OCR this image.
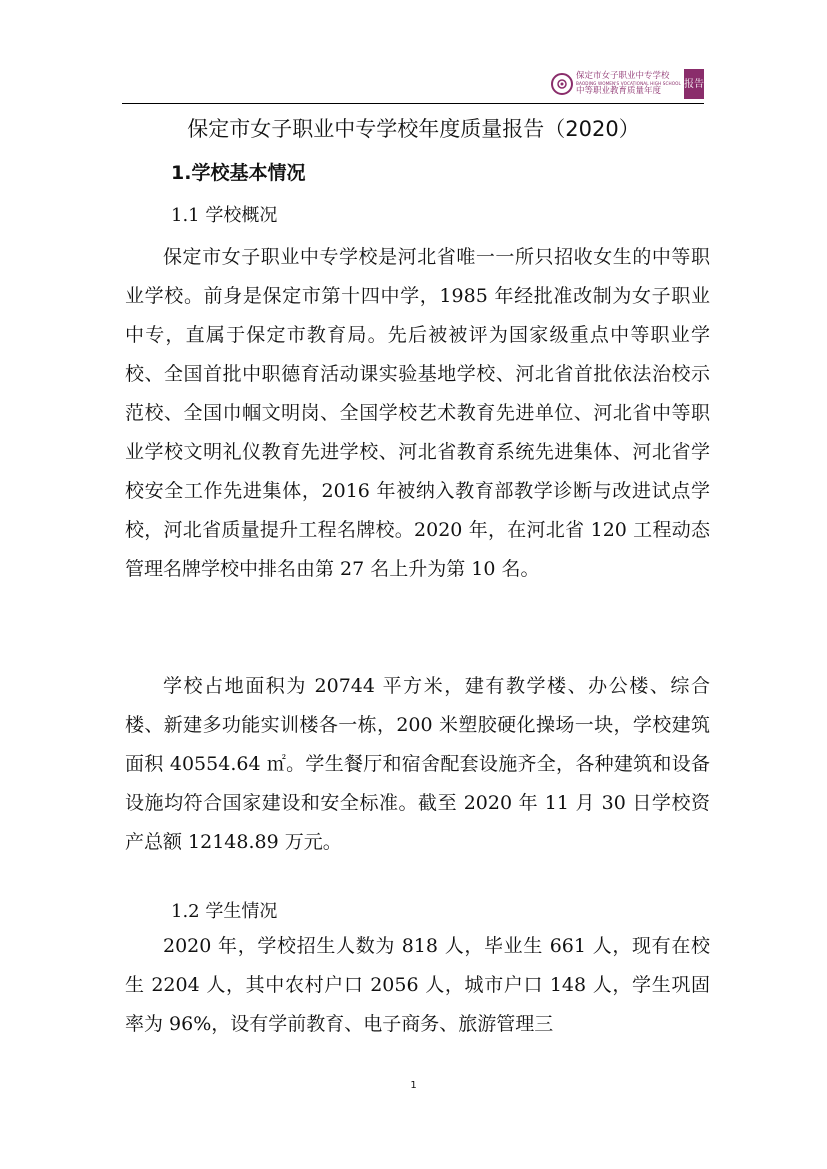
保定市女子职业中专学校
BAODING WOMEN'S VOCATIONAL HIGH SCHOOL
中等职业教育质量年度
报告
保定市女子职业中专学校年度质量报告（2020）
1.学校基本情况
1.1 学校概况

保定市女子职业中专学校是河北省唯一一所只招收女生的中等职业学校。前身是保定市第十四中学，1985 年经批准改制为女子职业中专，直属于保定市教育局。先后被被评为国家级重点中等职业学校、全国首批中职德育活动课实验基地学校、河北省首批依法治校示范校、全国巾帼文明岗、全国学校艺术教育先进单位、河北省中等职业学校文明礼仪教育先进学校、河北省教育系统先进集体、河北省学校安全工作先进集体，2016 年被纳入教育部教学诊断与改进试点学校，河北省质量提升工程名牌校。2020 年，在河北省 120 工程动态管理名牌学校中排名由第 27 名上升为第 10 名。

学校占地面积为 20744 平方米，建有教学楼、办公楼、综合楼、新建多功能实训楼各一栋，200 米塑胶硬化操场一块，学校建筑面积 40554.64 ㎡。学生餐厅和宿舍配套设施齐全，各种建筑和设备设施均符合国家建设和安全标准。截至 2020 年 11 月 30 日学校资产总额 12148.89 万元。

1.2 学生情况

2020 年，学校招生人数为 818 人，毕业生 661 人，现有在校生 2204 人，其中农村户口 2056 人，城市户口 148 人，学生巩固率为 96%，设有学前教育、电子商务、旅游管理三

1
